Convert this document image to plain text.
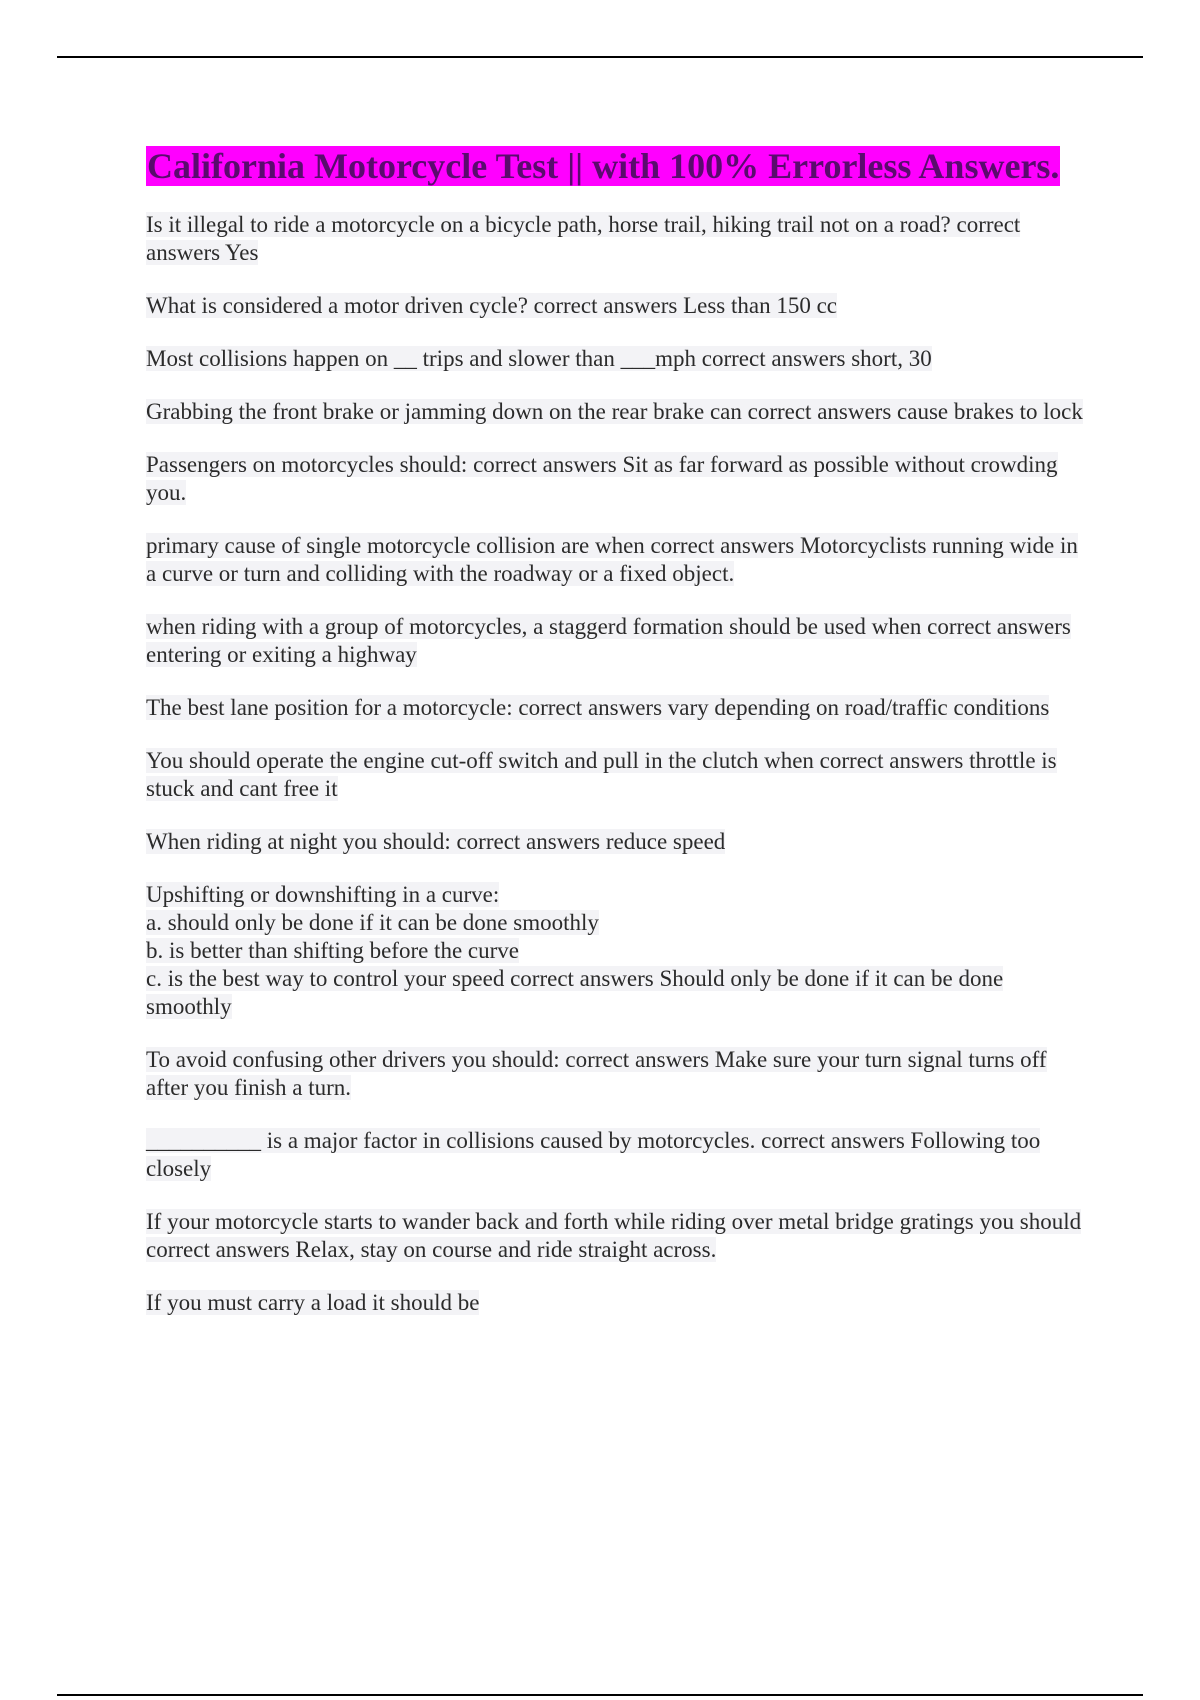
California Motorcycle Test || with 100% Errorless Answers.
Is it illegal to ride a motorcycle on a bicycle path, horse trail, hiking trail not on a road? correct answers Yes
What is considered a motor driven cycle? correct answers Less than 150 cc
Most collisions happen on __ trips and slower than ___mph correct answers short, 30
Grabbing the front brake or jamming down on the rear brake can correct answers cause brakes to lock
Passengers on motorcycles should: correct answers Sit as far forward as possible without crowding you.
primary cause of single motorcycle collision are when correct answers Motorcyclists running wide in a curve or turn and colliding with the roadway or a fixed object.
when riding with a group of motorcycles, a staggerd formation should be used when correct answers entering or exiting a highway
The best lane position for a motorcycle: correct answers vary depending on road/traffic conditions
You should operate the engine cut-off switch and pull in the clutch when correct answers throttle is stuck and cant free it
When riding at night you should: correct answers reduce speed
Upshifting or downshifting in a curve:
a. should only be done if it can be done smoothly
b. is better than shifting before the curve
c. is the best way to control your speed correct answers Should only be done if it can be done smoothly
To avoid confusing other drivers you should: correct answers Make sure your turn signal turns off after you finish a turn.
__________ is a major factor in collisions caused by motorcycles. correct answers Following too closely
If your motorcycle starts to wander back and forth while riding over metal bridge gratings you should correct answers Relax, stay on course and ride straight across.
If you must carry a load it should be
